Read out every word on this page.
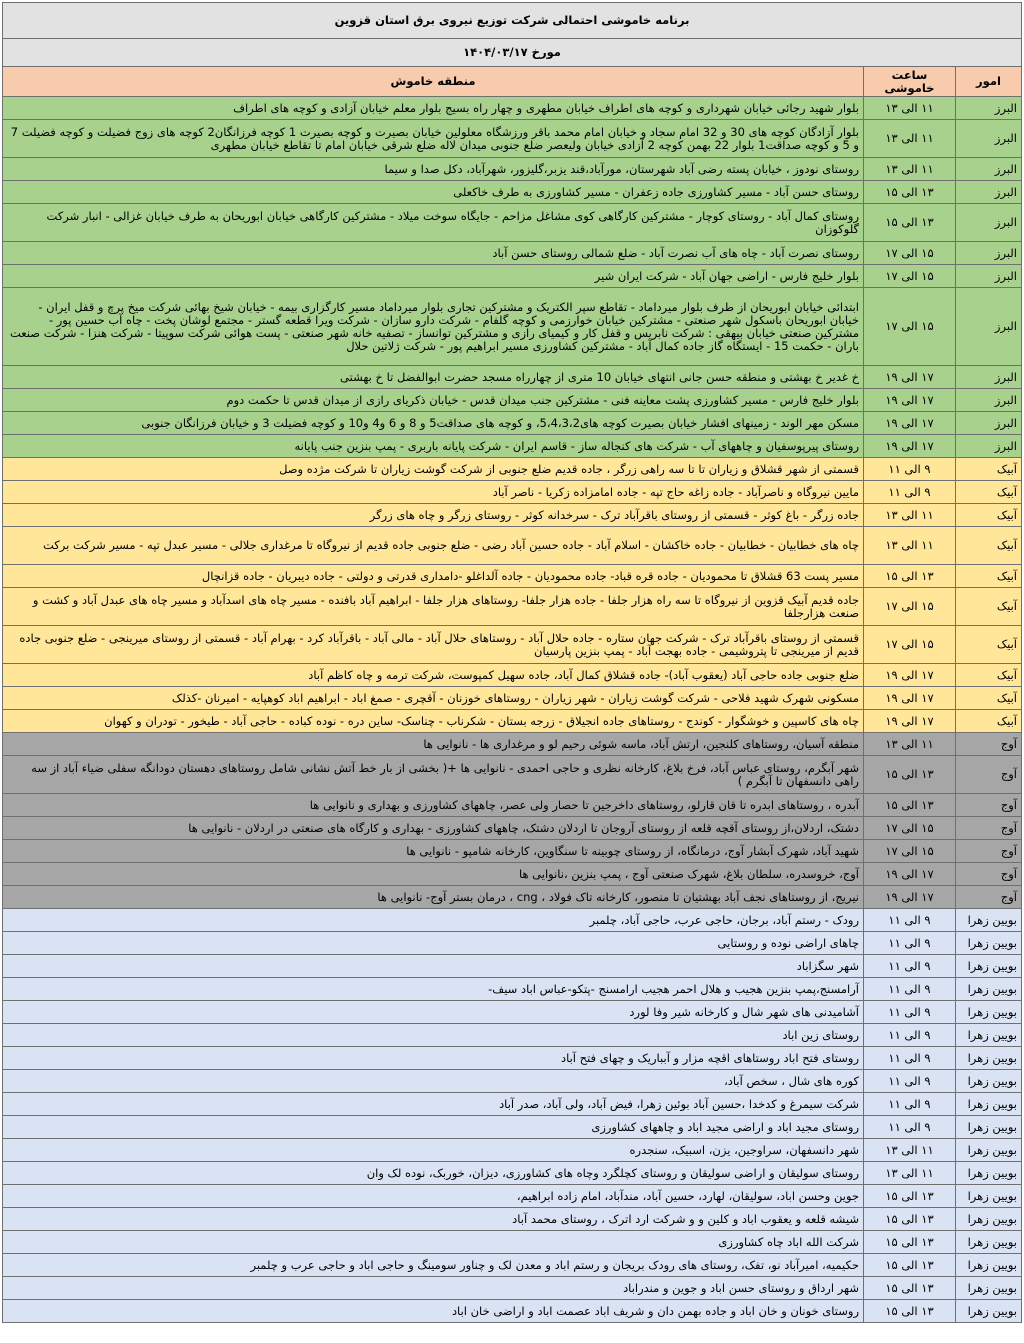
برنامه خاموشی احتمالی شرکت توزیع نیروی برق استان قزوین		
مورخ ۱۴۰۴/۰۳/۱۷		
امور	ساعت خاموشی	منطقه خاموش
البرز	۱۱ الی ۱۳	بلوار شهید رجائی خیابان شهرداری و کوچه های اطراف خیابان مطهری و چهار راه بسیج بلوار معلم خیابان آزادی و کوچه های اطراف
البرز	۱۱ الی ۱۳	بلوار آزادگان کوچه های 30 و 32 امام سجاد و خیابان امام محمد باقر ورزشگاه معلولین خیابان بصیرت و کوچه بصیرت 1 کوچه فرزانگان2 کوچه های زوج فضیلت و کوچه فضیلت 7 و 5 و کوچه صداقت1 بلوار 22 بهمن کوچه 2 آزادی خیابان ولیعصر ضلع جنوبی میدان لاله ضلع شرقی خیابان امام تا تقاطع خیابان مطهری
البرز	۱۱ الی ۱۳	روستای نودوز ، خیابان پسته رضی آباد شهرستان، مورآباد،قند یزبر،گلیزور، شهرآباد، دکل صدا و سیما
البرز	۱۳ الی ۱۵	روستای حسن آباد - مسیر کشاورزی جاده زعفران - مسیر کشاورزی به طرف خاکعلی
البرز	۱۳ الی ۱۵	روستای کمال آباد - روستای کوچار - مشترکین کارگاهی کوی مشاغل مزاحم - جایگاه سوخت میلاد - مشترکین کارگاهی خیابان ابوریحان به طرف خیابان غزالی - انبار شرکت گلوکوزان
البرز	۱۵ الی ۱۷	روستای نصرت آباد - چاه های آب نصرت آباد - ضلع شمالی روستای حسن آباد
البرز	۱۵ الی ۱۷	بلوار خلیج فارس - اراضی جهان آباد - شرکت ایران شیر
البرز	۱۵ الی ۱۷	ابتدائی خیابان ابوریحان از طرف بلوار میرداماد - تقاطع سپر الکتریک و مشترکین تجاری بلوار میرداماد مسیر کارگزاری بیمه - خیابان شیخ بهائی شرکت میخ پرچ و قفل ایران - خیابان ابوریحان باسکول شهر صنعتی - مشترکین خیابان خوارزمی و کوچه گلفام - شرکت دارو سازان - شرکت ویرا قطعه گستر - مجتمع لوشان پخت - چاه آب حسین پور - مشترکین صنعتی خیابان بیهقی : شرکت نابریس و قفل کار و کیمیای رازی و مشترکین توانساز - تصفیه خانه شهر صنعتی - پست هوائی شرکت سوپیتا - شرکت هنزا - شرکت صنعت باران - حکمت 15 - ایستگاه گاز جاده کمال آباد - مشترکین کشاورزی مسیر ابراهیم پور - شرکت ژلاتین حلال
البرز	۱۷ الی ۱۹	خ غدیر خ بهشتی و منطقه حسن جانی انتهای خیابان 10 متری از چهارراه مسجد حضرت ابوالفضل تا خ بهشتی
البرز	۱۷ الی ۱۹	بلوار خلیج فارس - مسیر کشاورزی پشت معاینه فنی - مشترکین جنب میدان قدس - خیابان ذکریای رازی از میدان قدس تا حکمت دوم
البرز	۱۷ الی ۱۹	مسکن مهر الوند - زمینهای افشار خیابان بصیرت کوچه های5،4،3،2، و کوچه های صداقت5 و 8 و 6 و4 و10 و کوچه فضیلت 3 و خیابان فرزانگان جنوبی
البرز	۱۷ الی ۱۹	روستای پیرپوسفیان و چاههای آب - شرکت های کنجاله ساز - قاسم ایران - شرکت پایانه باربری - پمپ بنزین جنب پایانه
آبیک	۹ الی ۱۱	قسمتی از شهر قشلاق و زیاران تا تا سه راهی زرگر ، جاده قدیم ضلع جنوبی از شرکت گوشت زیاران تا شرکت مژده وصل
آبیک	۹ الی ۱۱	مایین نیروگاه و ناصرآباد - جاده زاغه حاج تپه - جاده امامزاده زکریا - ناصر آباد
آبیک	۱۱ الی ۱۳	جاده زرگر - باغ کوثر - قسمتی از روستای باقرآباد ترک - سرخدانه کوثر - روستای زرگر و چاه های زرگر
آبیک	۱۱ الی ۱۳	چاه های خطابیان - خطابیان - جاده خاکشان - اسلام آباد - جاده حسین آباد رضی - ضلع جنوبی جاده قدیم از نیروگاه تا مرغداری جلالی - مسیر عبدل تپه - مسیر شرکت برکت
آبیک	۱۳ الی ۱۵	مسیر پست 63 قشلاق تا محمودیان - جاده قره قباد- جاده محمودیان - جاده آلداغلو -دامداری قدرتی و دولتی - جاده دیبریان - جاده قزانچال
آبیک	۱۵ الی ۱۷	جاده قدیم آبیک قزوین از نیروگاه تا سه راه هزار جلفا - جاده هزار جلفا- روستاهای هزار جلفا - ابراهیم آباد بافنده - مسیر چاه های اسدآباد و مسیر چاه های عبدل آباد و کشت و صنعت هزارجلفا
آبیک	۱۵ الی ۱۷	قسمتی از روستای باقرآباد ترک - شرکت جهان ستاره - جاده حلال آباد - روستاهای حلال آباد - مالی آباد - باقرآباد کرد - بهرام آباد - قسمتی از روستای میرینجی - ضلع جنوبی جاده قدیم از میرینجی تا پتروشیمی - جاده بهجت آباد - پمپ بنزین پارسیان
آبیک	۱۷ الی ۱۹	ضلع جنوبی جاده حاجی آباد (یعقوب آباد)- جاده قشلاق کمال آباد، جاده سهیل کمپوست، شرکت ترمه و چاه کاظم آباد
آبیک	۱۷ الی ۱۹	مسکونی شهرک شهید فلاحی - شرکت گوشت زیاران - شهر زیاران - روستاهای خوزنان - آقچری - صمغ اباد - ابراهیم اباد کوهپایه - امیرنان -کذلک
آبیک	۱۷ الی ۱۹	چاه های کاسپین و خوشگوار - کوندج - روستاهای جاده انجیلاق - زرجه بستان - شکرناب - چناسک- ساین دره - نوده کباده - حاجی آباد - طیخور - تودران و کهوان
آوج	۱۱ الی ۱۳	منطقه آسیان، روستاهای کلنجین، ارتش آباد، ماسه شوئی رحیم لو و مرغداری ها - نانوایی ها
آوج	۱۳ الی ۱۵	شهر آبگرم، روستای عباس آباد، فرخ بلاغ، کارخانه نظری و حاجی احمدی - نانوایی ها +( بخشی از بار خط آتش نشانی شامل روستاهای دهستان دودانگه سفلی ضیاء آباد از سه راهی دانسفهان تا آبگرم )
آوج	۱۳ الی ۱۵	آبدره ، روستاهای ابدره تا قان قارلو، روستاهای داخرجین تا حصار ولی عصر، چاههای کشاورزی و بهداری و نانوایی ها
آوج	۱۵ الی ۱۷	دشتک، اردلان،از روستای آقچه قلعه از روستای آروجان تا اردلان دشتک، چاههای کشاورزی - بهداری و کارگاه های صنعتی در اردلان - نانوایی ها
آوج	۱۵ الی ۱۷	شهید آباد، شهرک آبشار آوج، درمانگاه، از روستای چوبینه تا سنگاوین، کارخانه شامپو - نانوایی ها
آوج	۱۷ الی ۱۹	آوج، خروسدره، سلطان بلاغ، شهرک صنعتی آوج ، پمپ بنزین ،نانوایی ها
آوج	۱۷ الی ۱۹	نیریج، از روستاهای نجف آباد بهشتیان تا منصور، کارخانه تاک فولاد ، cng ، درمان بستر آوج- نانوایی ها
بویین زهرا	۹ الی ۱۱	رودک - رستم آباد، برجان، حاجی عرب، حاجی آباد، چلمبر
بویین زهرا	۹ الی ۱۱	چاهای اراضی نوده و روستایی
بویین زهرا	۹ الی ۱۱	شهر سگزاباد
بویین زهرا	۹ الی ۱۱	آرامسنج،پمپ بنزین هجیب و هلال احمر هجیب ارامسنج -پتکو-عباس اباد سیف-
بویین زهرا	۹ الی ۱۱	آشامیدنی های شهر شال و کارخانه شیر وفا لورد
بویین زهرا	۹ الی ۱۱	روستای زین اباد
بویین زهرا	۹ الی ۱۱	روستای فتح اباد روستاهای اقچه مزار و آبباریک و چهای فتح آباد
بویین زهرا	۹ الی ۱۱	کوره های شال ، سخص آباد،
بویین زهرا	۹ الی ۱۱	شرکت سیمرغ و کدخدا ،حسین آباد بوئین زهرا، فیض آباد، ولی آباد، صدر آباد
بویین زهرا	۹ الی ۱۱	روستای مجید اباد و اراضی مجید اباد و چاههای کشاورزی
بویین زهرا	۱۱ الی ۱۳	شهر دانسفهان، سراوجین، یزن، اسبیک، سنجدره
بویین زهرا	۱۱ الی ۱۳	روستای سولیقان و اراضی سولیقان و روستای کچلگرد وچاه های کشاورزی، دیزان، خوربک، نوده لک وان
بویین زهرا	۱۳ الی ۱۵	جوین وحسن اباد، سولیقان، لهارد، حسین آباد، مندآباد، امام زاده ابراهیم،
بویین زهرا	۱۳ الی ۱۵	شیشه قلعه و یعقوب اباد و کلین و و شرکت ارد اترک ، روستای محمد آباد
بویین زهرا	۱۳ الی ۱۵	شرکت الله اباد چاه کشاورزی
بویین زهرا	۱۳ الی ۱۵	حکیمیه، امیرآباد نو، تفک، روستای های رودک بریجان و رستم اباد و معدن لک و چناور سومینگ و حاجی اباد و حاجی عرب و چلمبر
بویین زهرا	۱۳ الی ۱۵	شهر ارداق و روستای حسن اباد و جوین و مندراباد
بویین زهرا	۱۳ الی ۱۵	روستای خونان و خان اباد و جاده بهمن دان و شریف اباد عصمت اباد و اراضی خان اباد
